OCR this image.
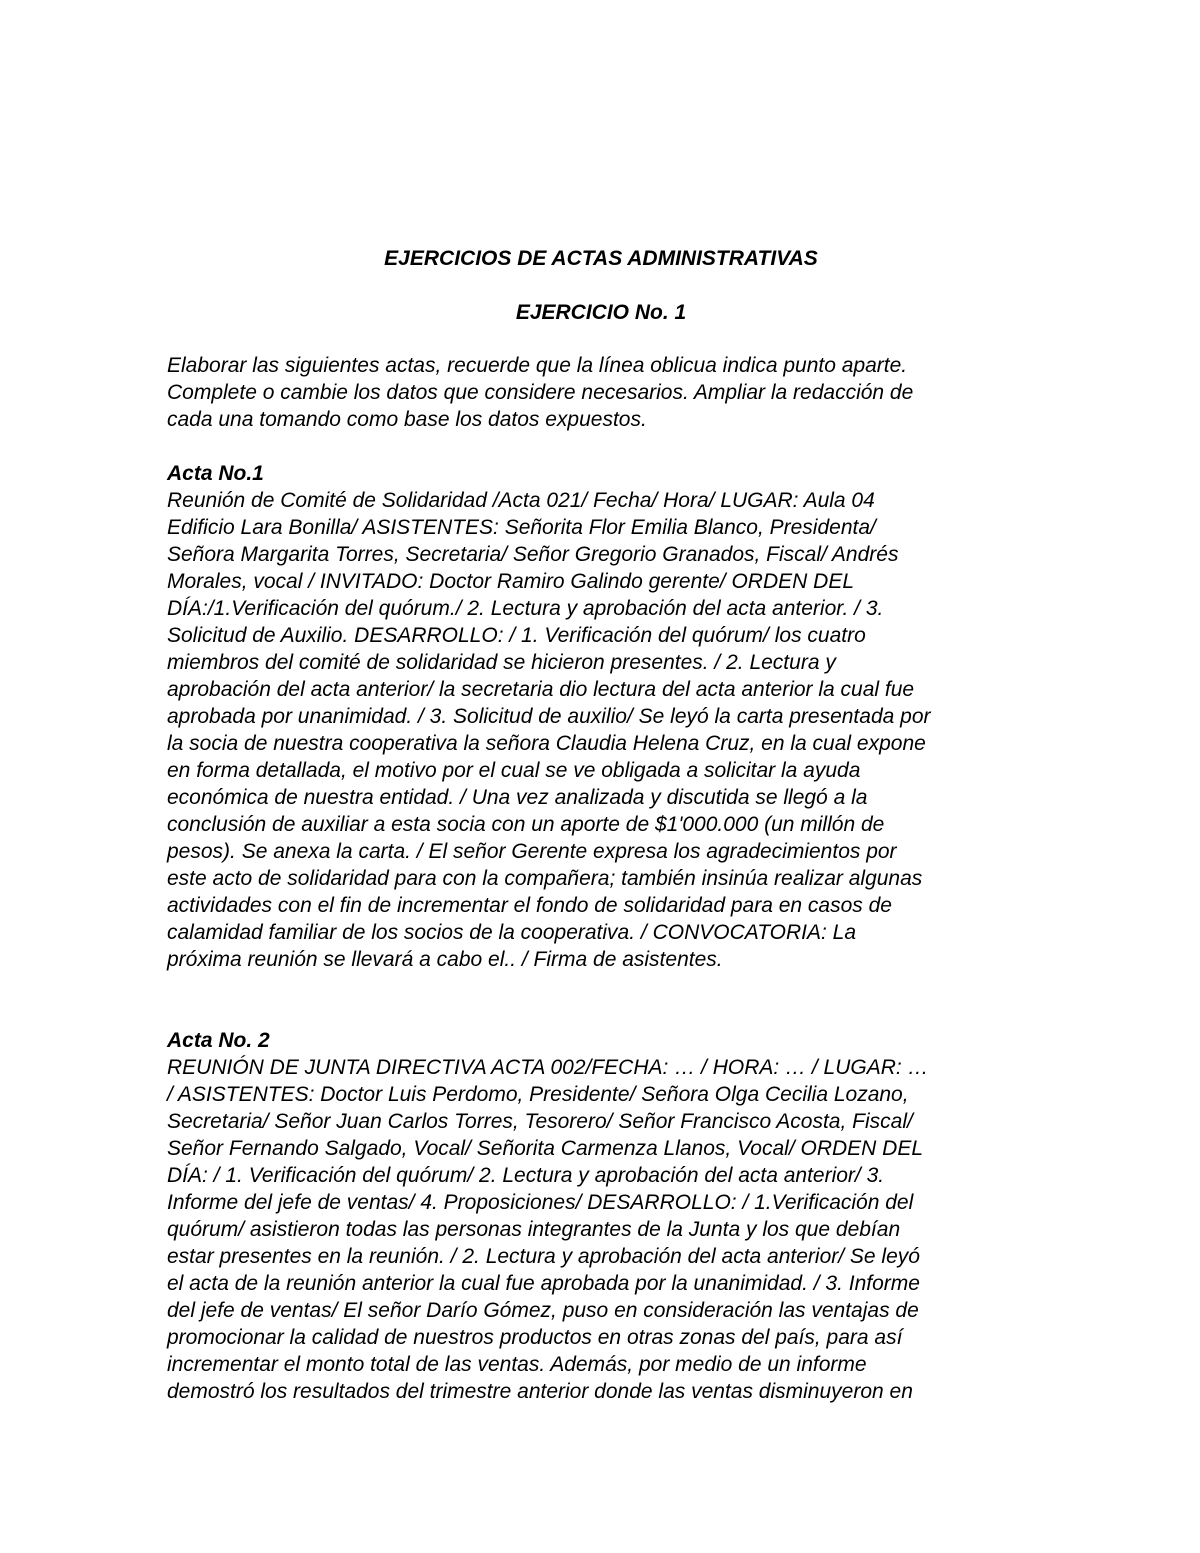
EJERCICIOS DE ACTAS ADMINISTRATIVAS

EJERCICIO No. 1

Elaborar las siguientes actas, recuerde que la línea oblicua indica punto aparte.
Complete o cambie los datos que considere necesarios. Ampliar la redacción de
cada una tomando como base los datos expuestos.

Acta No.1

Reunión de Comité de Solidaridad /Acta 021/ Fecha/ Hora/ LUGAR: Aula 04
Edificio Lara Bonilla/ ASISTENTES: Señorita Flor Emilia Blanco, Presidenta/
Señora Margarita Torres, Secretaria/ Señor Gregorio Granados, Fiscal/ Andrés
Morales, vocal / INVITADO: Doctor Ramiro Galindo gerente/ ORDEN DEL
DÍA:/1.Verificación del quórum./ 2. Lectura y aprobación del acta anterior. / 3.
Solicitud de Auxilio. DESARROLLO: / 1. Verificación del quórum/ los cuatro
miembros del comité de solidaridad se hicieron presentes. / 2. Lectura y
aprobación del acta anterior/ la secretaria dio lectura del acta anterior la cual fue
aprobada por unanimidad. / 3. Solicitud de auxilio/ Se leyó la carta presentada por
la socia de nuestra cooperativa la señora Claudia Helena Cruz, en la cual expone
en forma detallada, el motivo por el cual se ve obligada a solicitar la ayuda
económica de nuestra entidad. / Una vez analizada y discutida se llegó a la
conclusión de auxiliar a esta socia con un aporte de $1'000.000 (un millón de
pesos). Se anexa la carta. / El señor Gerente expresa los agradecimientos por
este acto de solidaridad para con la compañera; también insinúa realizar algunas
actividades con el fin de incrementar el fondo de solidaridad para en casos de
calamidad familiar de los socios de la cooperativa. / CONVOCATORIA: La
próxima reunión se llevará a cabo el.. / Firma de asistentes.

Acta No. 2

REUNIÓN DE JUNTA DIRECTIVA ACTA 002/FECHA: … / HORA: … / LUGAR: …
/ ASISTENTES: Doctor Luis Perdomo, Presidente/ Señora Olga Cecilia Lozano,
Secretaria/ Señor Juan Carlos Torres, Tesorero/ Señor Francisco Acosta, Fiscal/
Señor Fernando Salgado, Vocal/ Señorita Carmenza Llanos, Vocal/ ORDEN DEL
DÍA: / 1. Verificación del quórum/ 2. Lectura y aprobación del acta anterior/ 3.
Informe del jefe de ventas/ 4. Proposiciones/ DESARROLLO: / 1.Verificación del
quórum/ asistieron todas las personas integrantes de la Junta y los que debían
estar presentes en la reunión. / 2. Lectura y aprobación del acta anterior/ Se leyó
el acta de la reunión anterior la cual fue aprobada por la unanimidad. / 3. Informe
del jefe de ventas/ El señor Darío Gómez, puso en consideración las ventajas de
promocionar la calidad de nuestros productos en otras zonas del país, para así
incrementar el monto total de las ventas. Además, por medio de un informe
demostró los resultados del trimestre anterior donde las ventas disminuyeron en
